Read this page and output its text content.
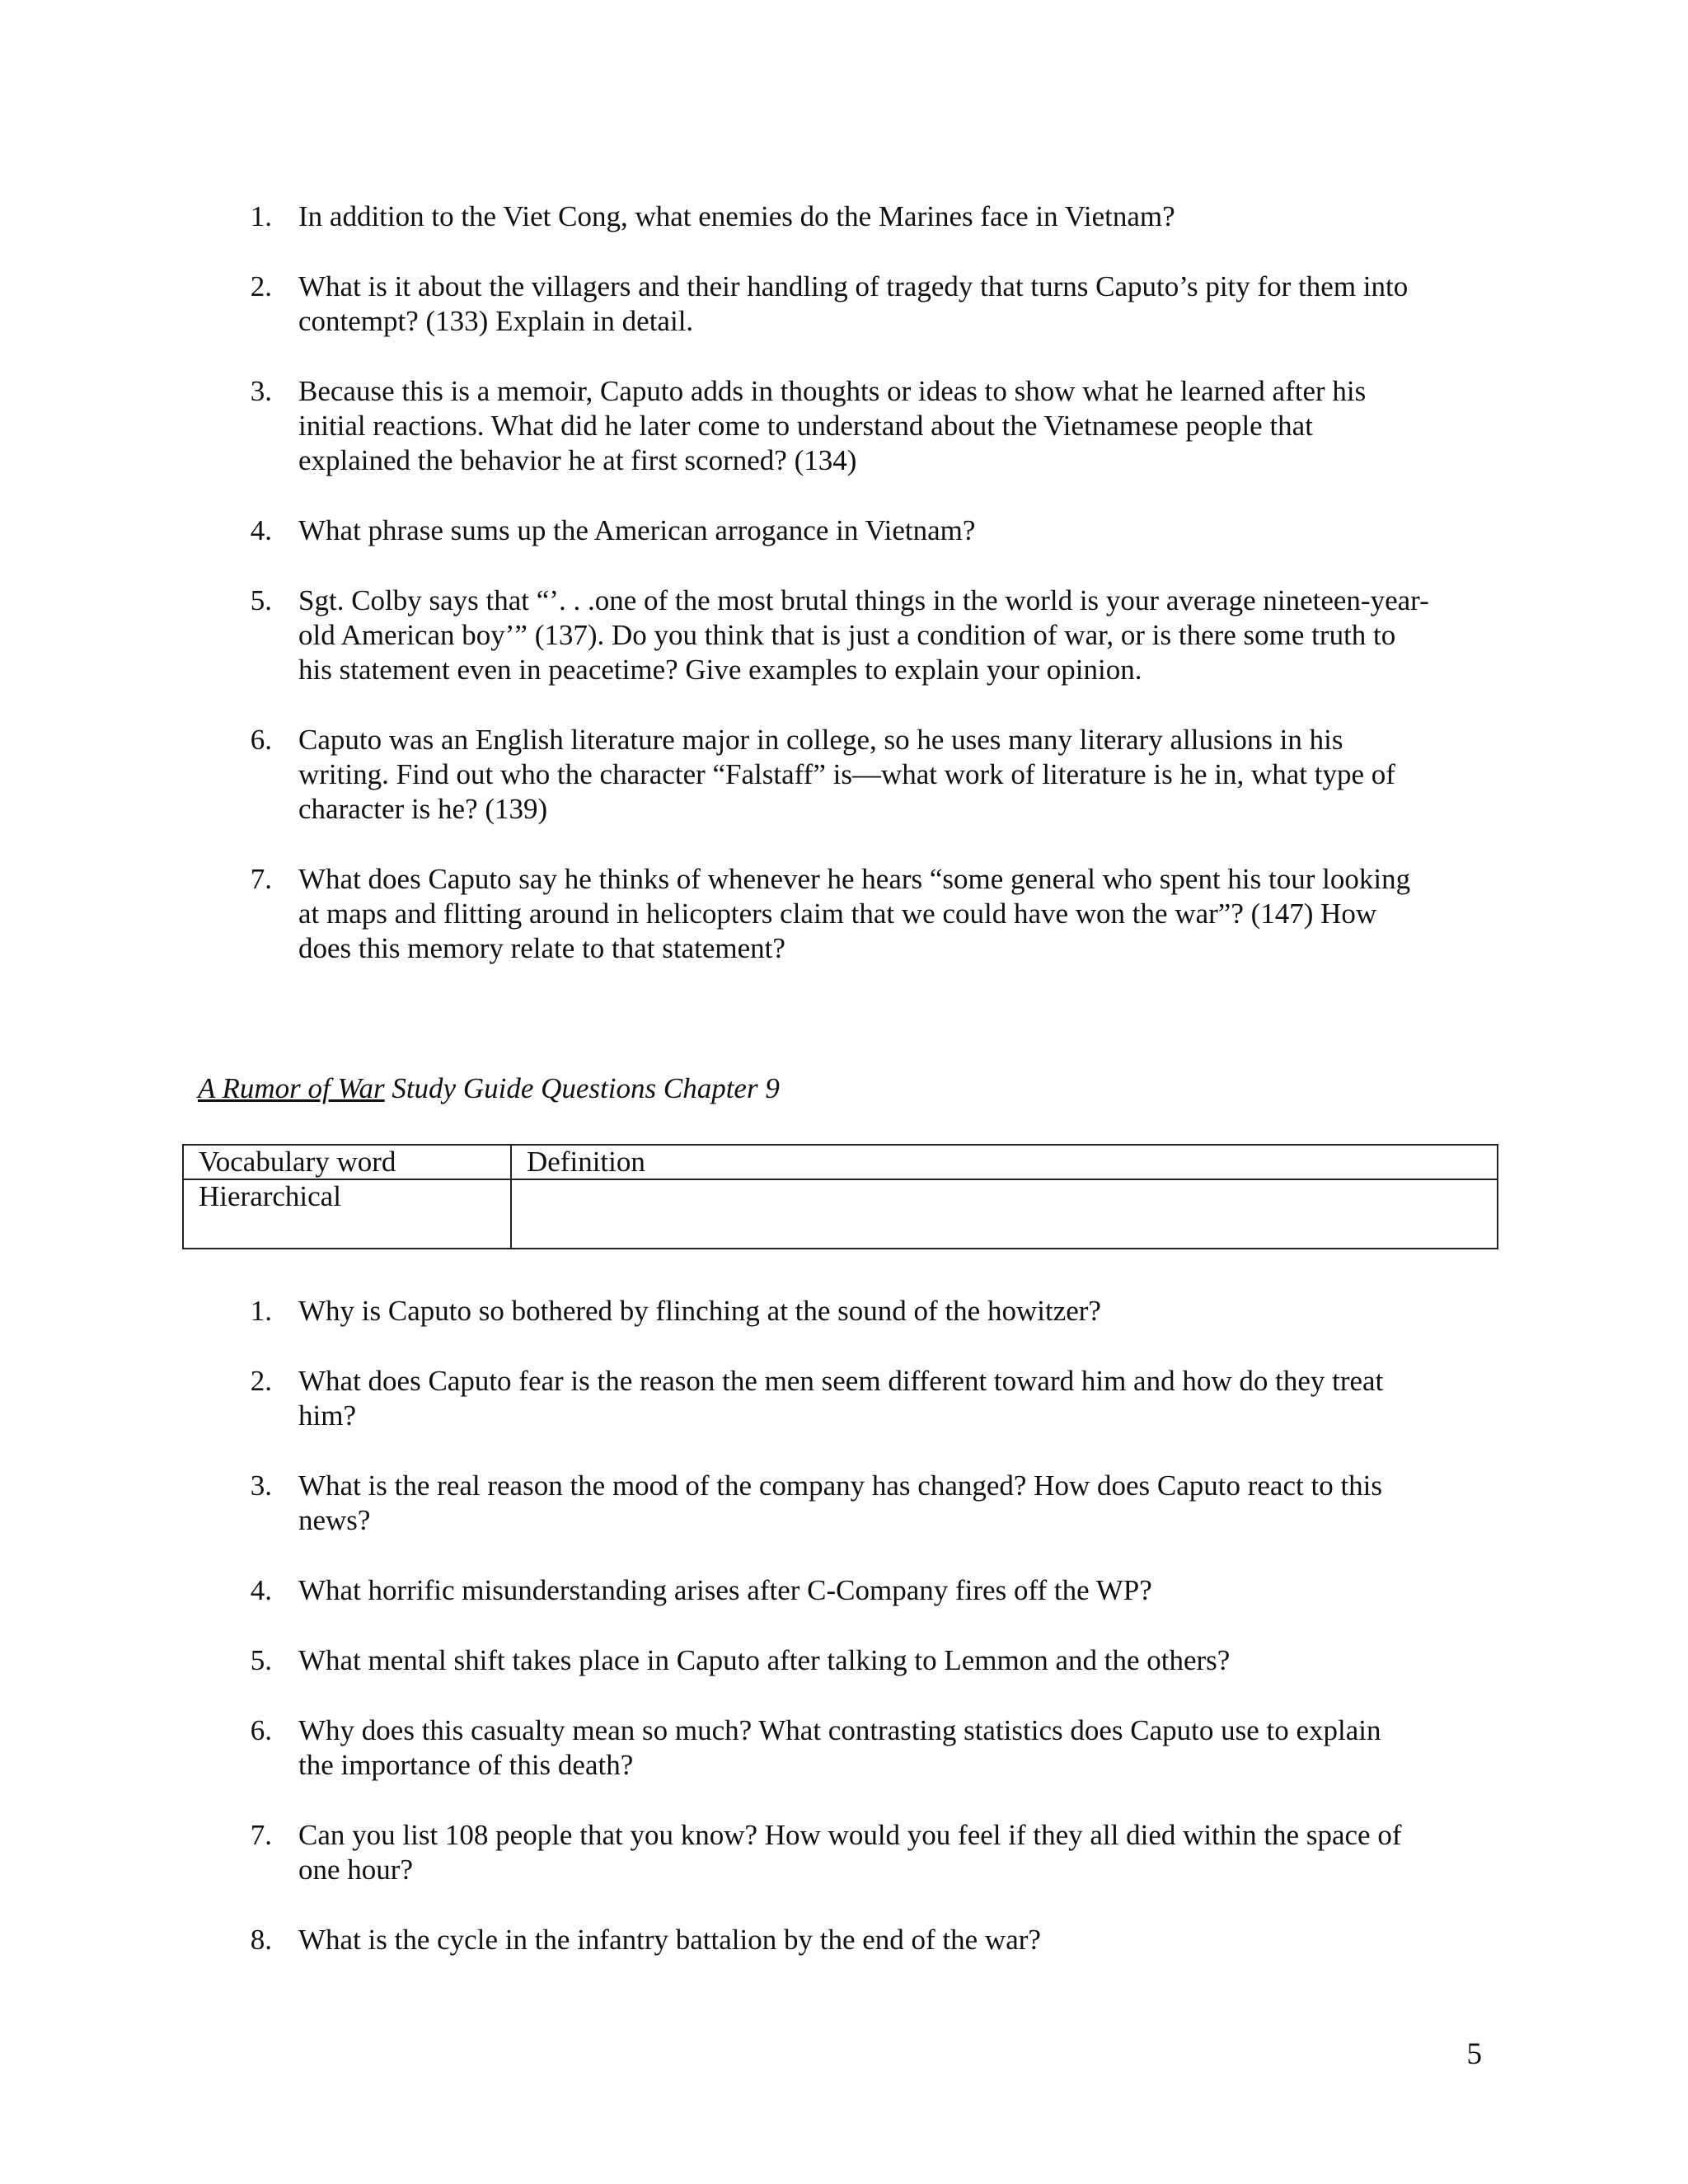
1. In addition to the Viet Cong, what enemies do the Marines face in Vietnam?
2. What is it about the villagers and their handling of tragedy that turns Caputo’s pity for them into
contempt? (133) Explain in detail.
3. Because this is a memoir, Caputo adds in thoughts or ideas to show what he learned after his
initial reactions. What did he later come to understand about the Vietnamese people that
explained the behavior he at first scorned? (134)
4. What phrase sums up the American arrogance in Vietnam?
5. Sgt. Colby says that “’. . .one of the most brutal things in the world is your average nineteen-year-
old American boy’” (137). Do you think that is just a condition of war, or is there some truth to
his statement even in peacetime? Give examples to explain your opinion.
6. Caputo was an English literature major in college, so he uses many literary allusions in his
writing. Find out who the character “Falstaff” is—what work of literature is he in, what type of
character is he? (139)
7. What does Caputo say he thinks of whenever he hears “some general who spent his tour looking
at maps and flitting around in helicopters claim that we could have won the war”? (147) How
does this memory relate to that statement?
A Rumor of War Study Guide Questions Chapter 9
Vocabulary word	Definition
Hierarchical	
1. Why is Caputo so bothered by flinching at the sound of the howitzer?
2. What does Caputo fear is the reason the men seem different toward him and how do they treat
him?
3. What is the real reason the mood of the company has changed? How does Caputo react to this
news?
4. What horrific misunderstanding arises after C-Company fires off the WP?
5. What mental shift takes place in Caputo after talking to Lemmon and the others?
6. Why does this casualty mean so much? What contrasting statistics does Caputo use to explain
the importance of this death?
7. Can you list 108 people that you know? How would you feel if they all died within the space of
one hour?
8. What is the cycle in the infantry battalion by the end of the war?
5
